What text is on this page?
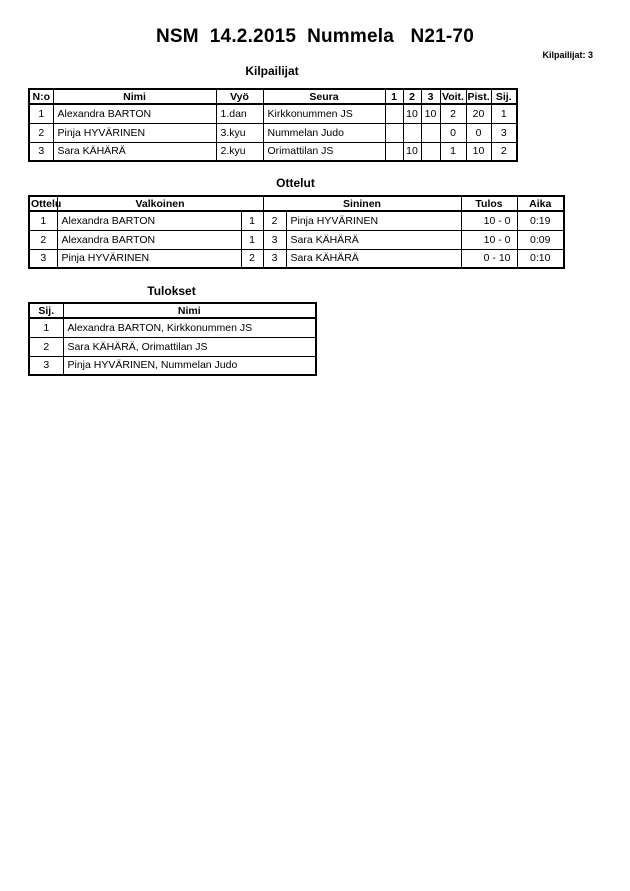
NSM  14.2.2015  Nummela   N21-70
Kilpailijat: 3
Kilpailijat
N:o	Nimi	Vyö	Seura	1	2	3	Voit.	Pist.	Sij.
1	Alexandra BARTON	1.dan	Kirkkonummen JS		10	10	2	20	1
2	Pinja HYVÄRINEN	3.kyu	Nummelan Judo				0	0	3
3	Sara KÄHÄRÄ	2.kyu	Orimattilan JS		10		1	10	2
Ottelut
Ottelu	Valkoinen		Sininen		Tulos	Aika
1	Alexandra BARTON	1	2	Pinja HYVÄRINEN	10 - 0	0:19
2	Alexandra BARTON	1	3	Sara KÄHÄRÄ	10 - 0	0:09
3	Pinja HYVÄRINEN	2	3	Sara KÄHÄRÄ	0 - 10	0:10
Tulokset
Sij.	Nimi
1	Alexandra BARTON, Kirkkonummen JS
2	Sara KÄHÄRÄ, Orimattilan JS
3	Pinja HYVÄRINEN, Nummelan Judo
